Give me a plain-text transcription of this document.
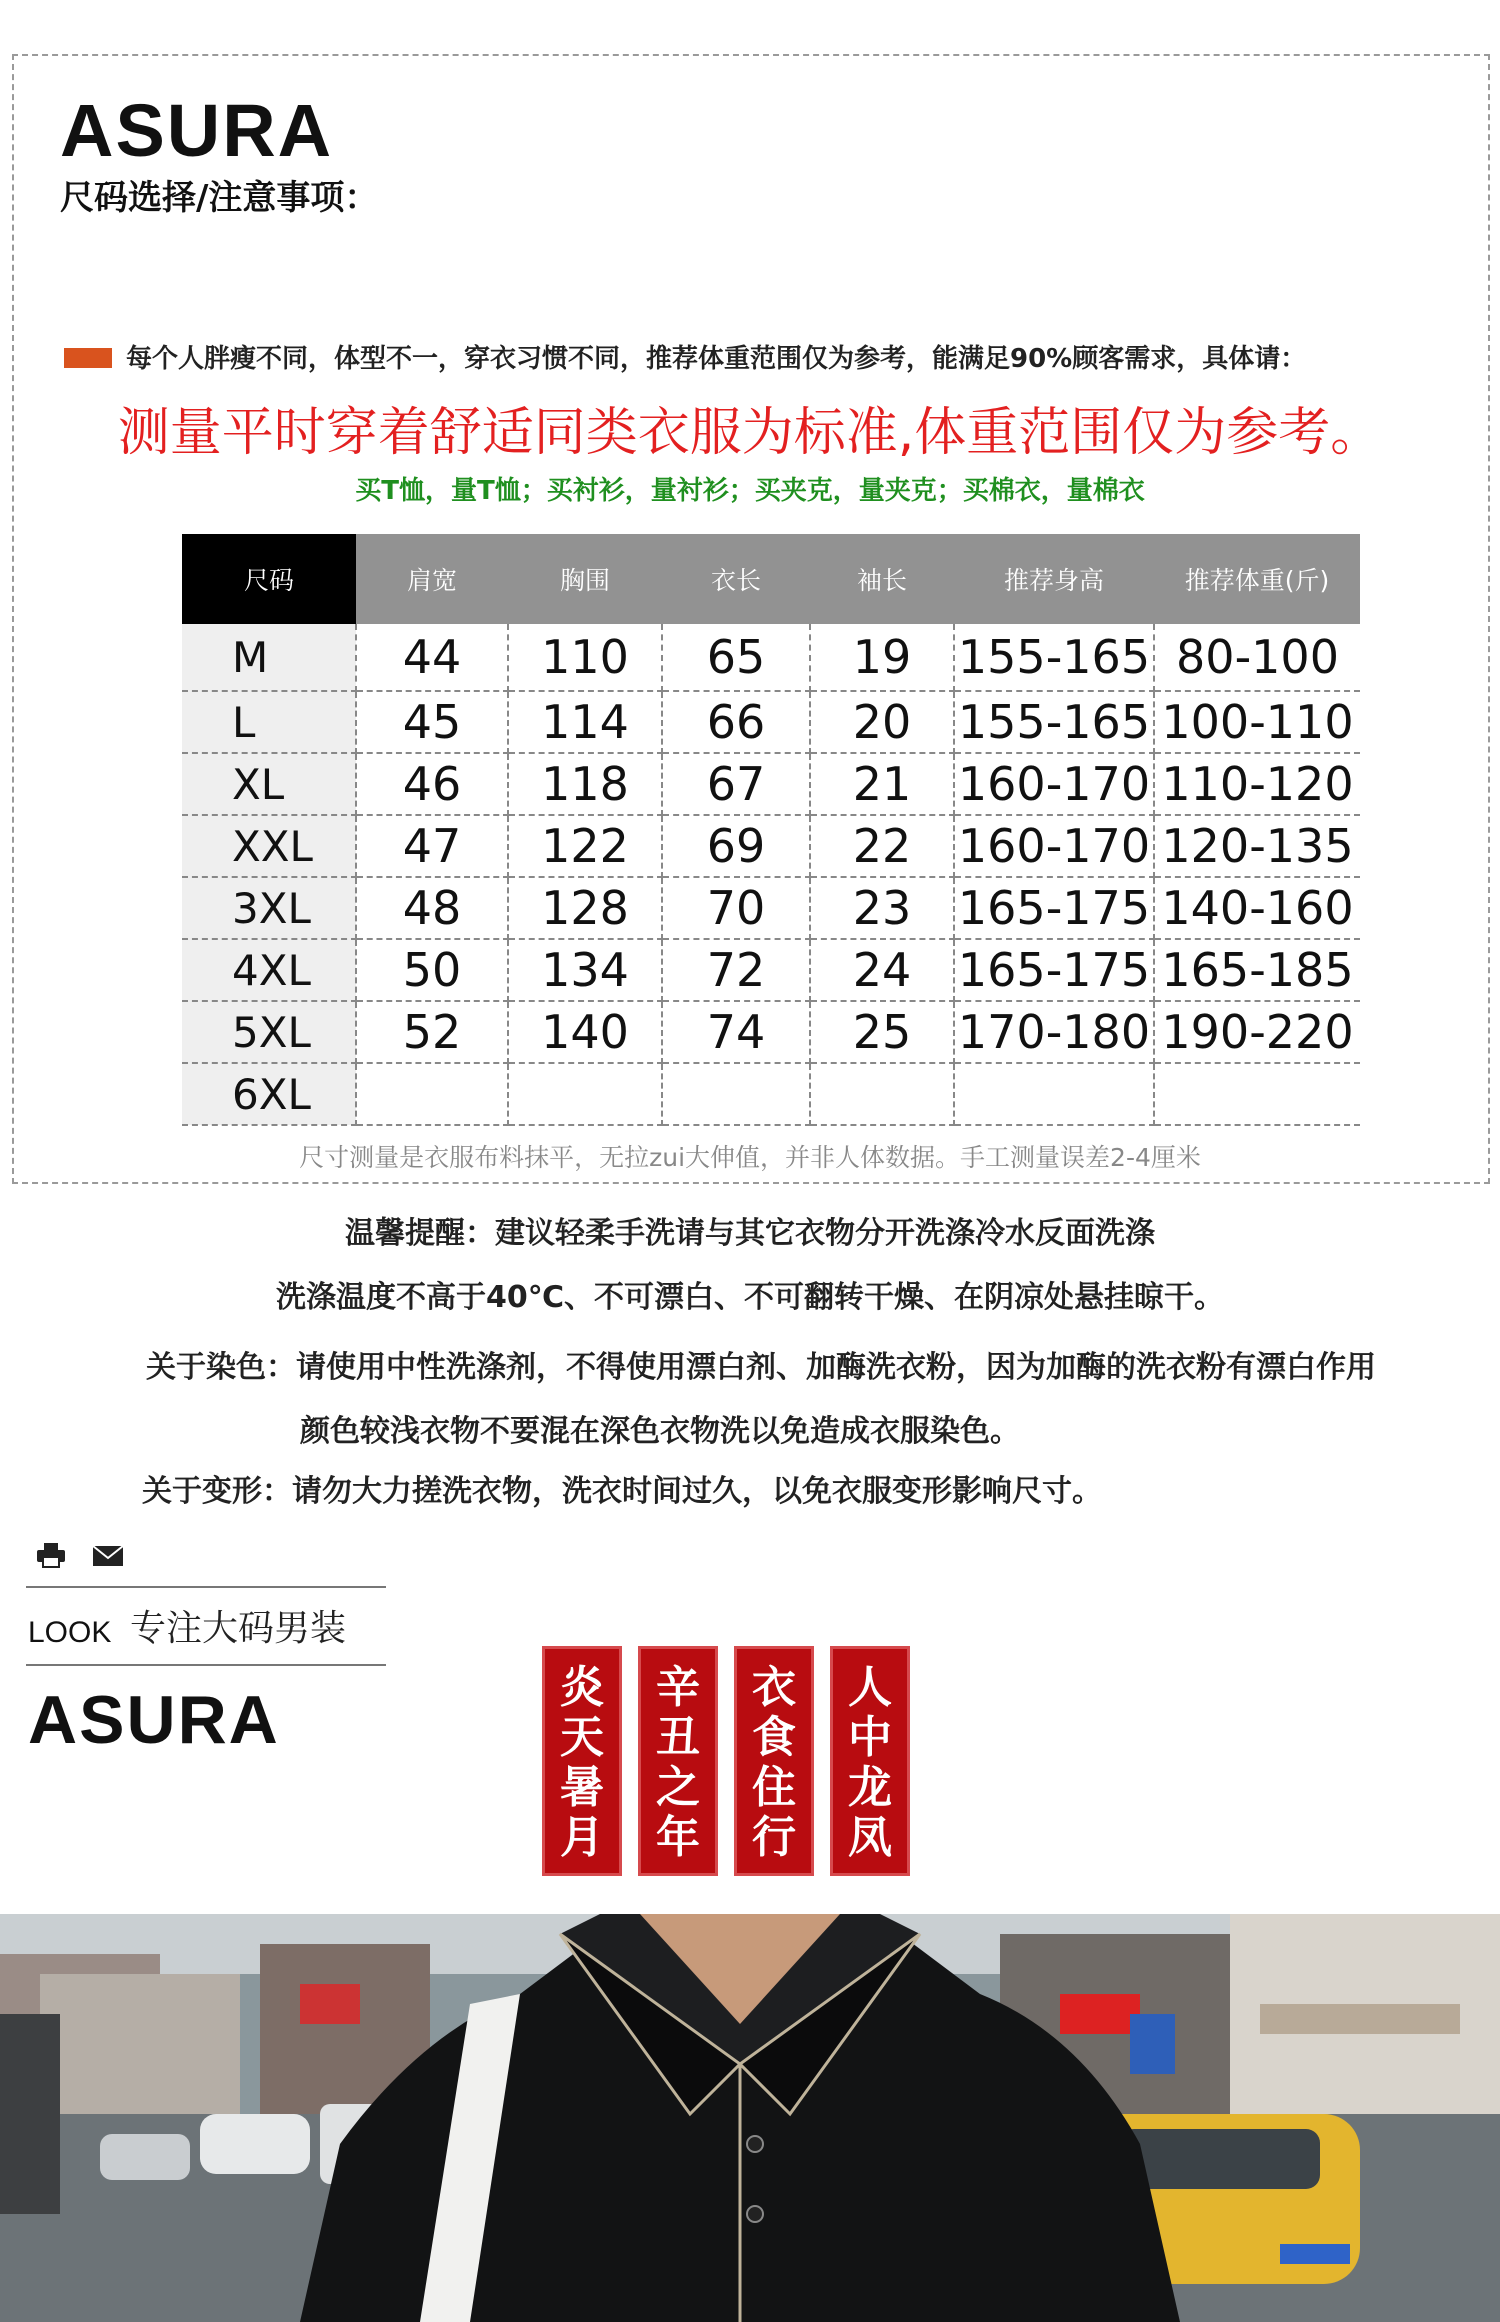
ASURA
尺码选择/注意事项：
每个人胖瘦不同，体型不一，穿衣习惯不同，推荐体重范围仅为参考，能满足90%顾客需求，具体请：
测量平时穿着舒适同类衣服为标准,体重范围仅为参考。
买T恤，量T恤；买衬衫，量衬衫；买夹克，量夹克；买棉衣，量棉衣
尺码	肩宽	胸围	衣长	袖长	推荐身高	推荐体重(斤)
M	44	110	65	19	155-165	80-100
L	45	114	66	20	155-165	100-110
XL	46	118	67	21	160-170	110-120
XXL	47	122	69	22	160-170	120-135
3XL	48	128	70	23	165-175	140-160
4XL	50	134	72	24	165-175	165-185
5XL	52	140	74	25	170-180	190-220
6XL						
尺寸测量是衣服布料抹平，无拉zui大伸值，并非人体数据。手工测量误差2-4厘米
温馨提醒：建议轻柔手洗请与其它衣物分开洗涤冷水反面洗涤
洗涤温度不高于40℃、不可漂白、不可翻转干燥、在阴凉处悬挂晾干。
关于染色：请使用中性洗涤剂，不得使用漂白剂、加酶洗衣粉，因为加酶的洗衣粉有漂白作用
颜色较浅衣物不要混在深色衣物洗以免造成衣服染色。
关于变形：请勿大力搓洗衣物，洗衣时间过久，以免衣服变形影响尺寸。
LOOK 专注大码男装
ASURA	炎
天
暑
月
辛
丑
之
年
衣
食
住
行
人
中
龙
凤
